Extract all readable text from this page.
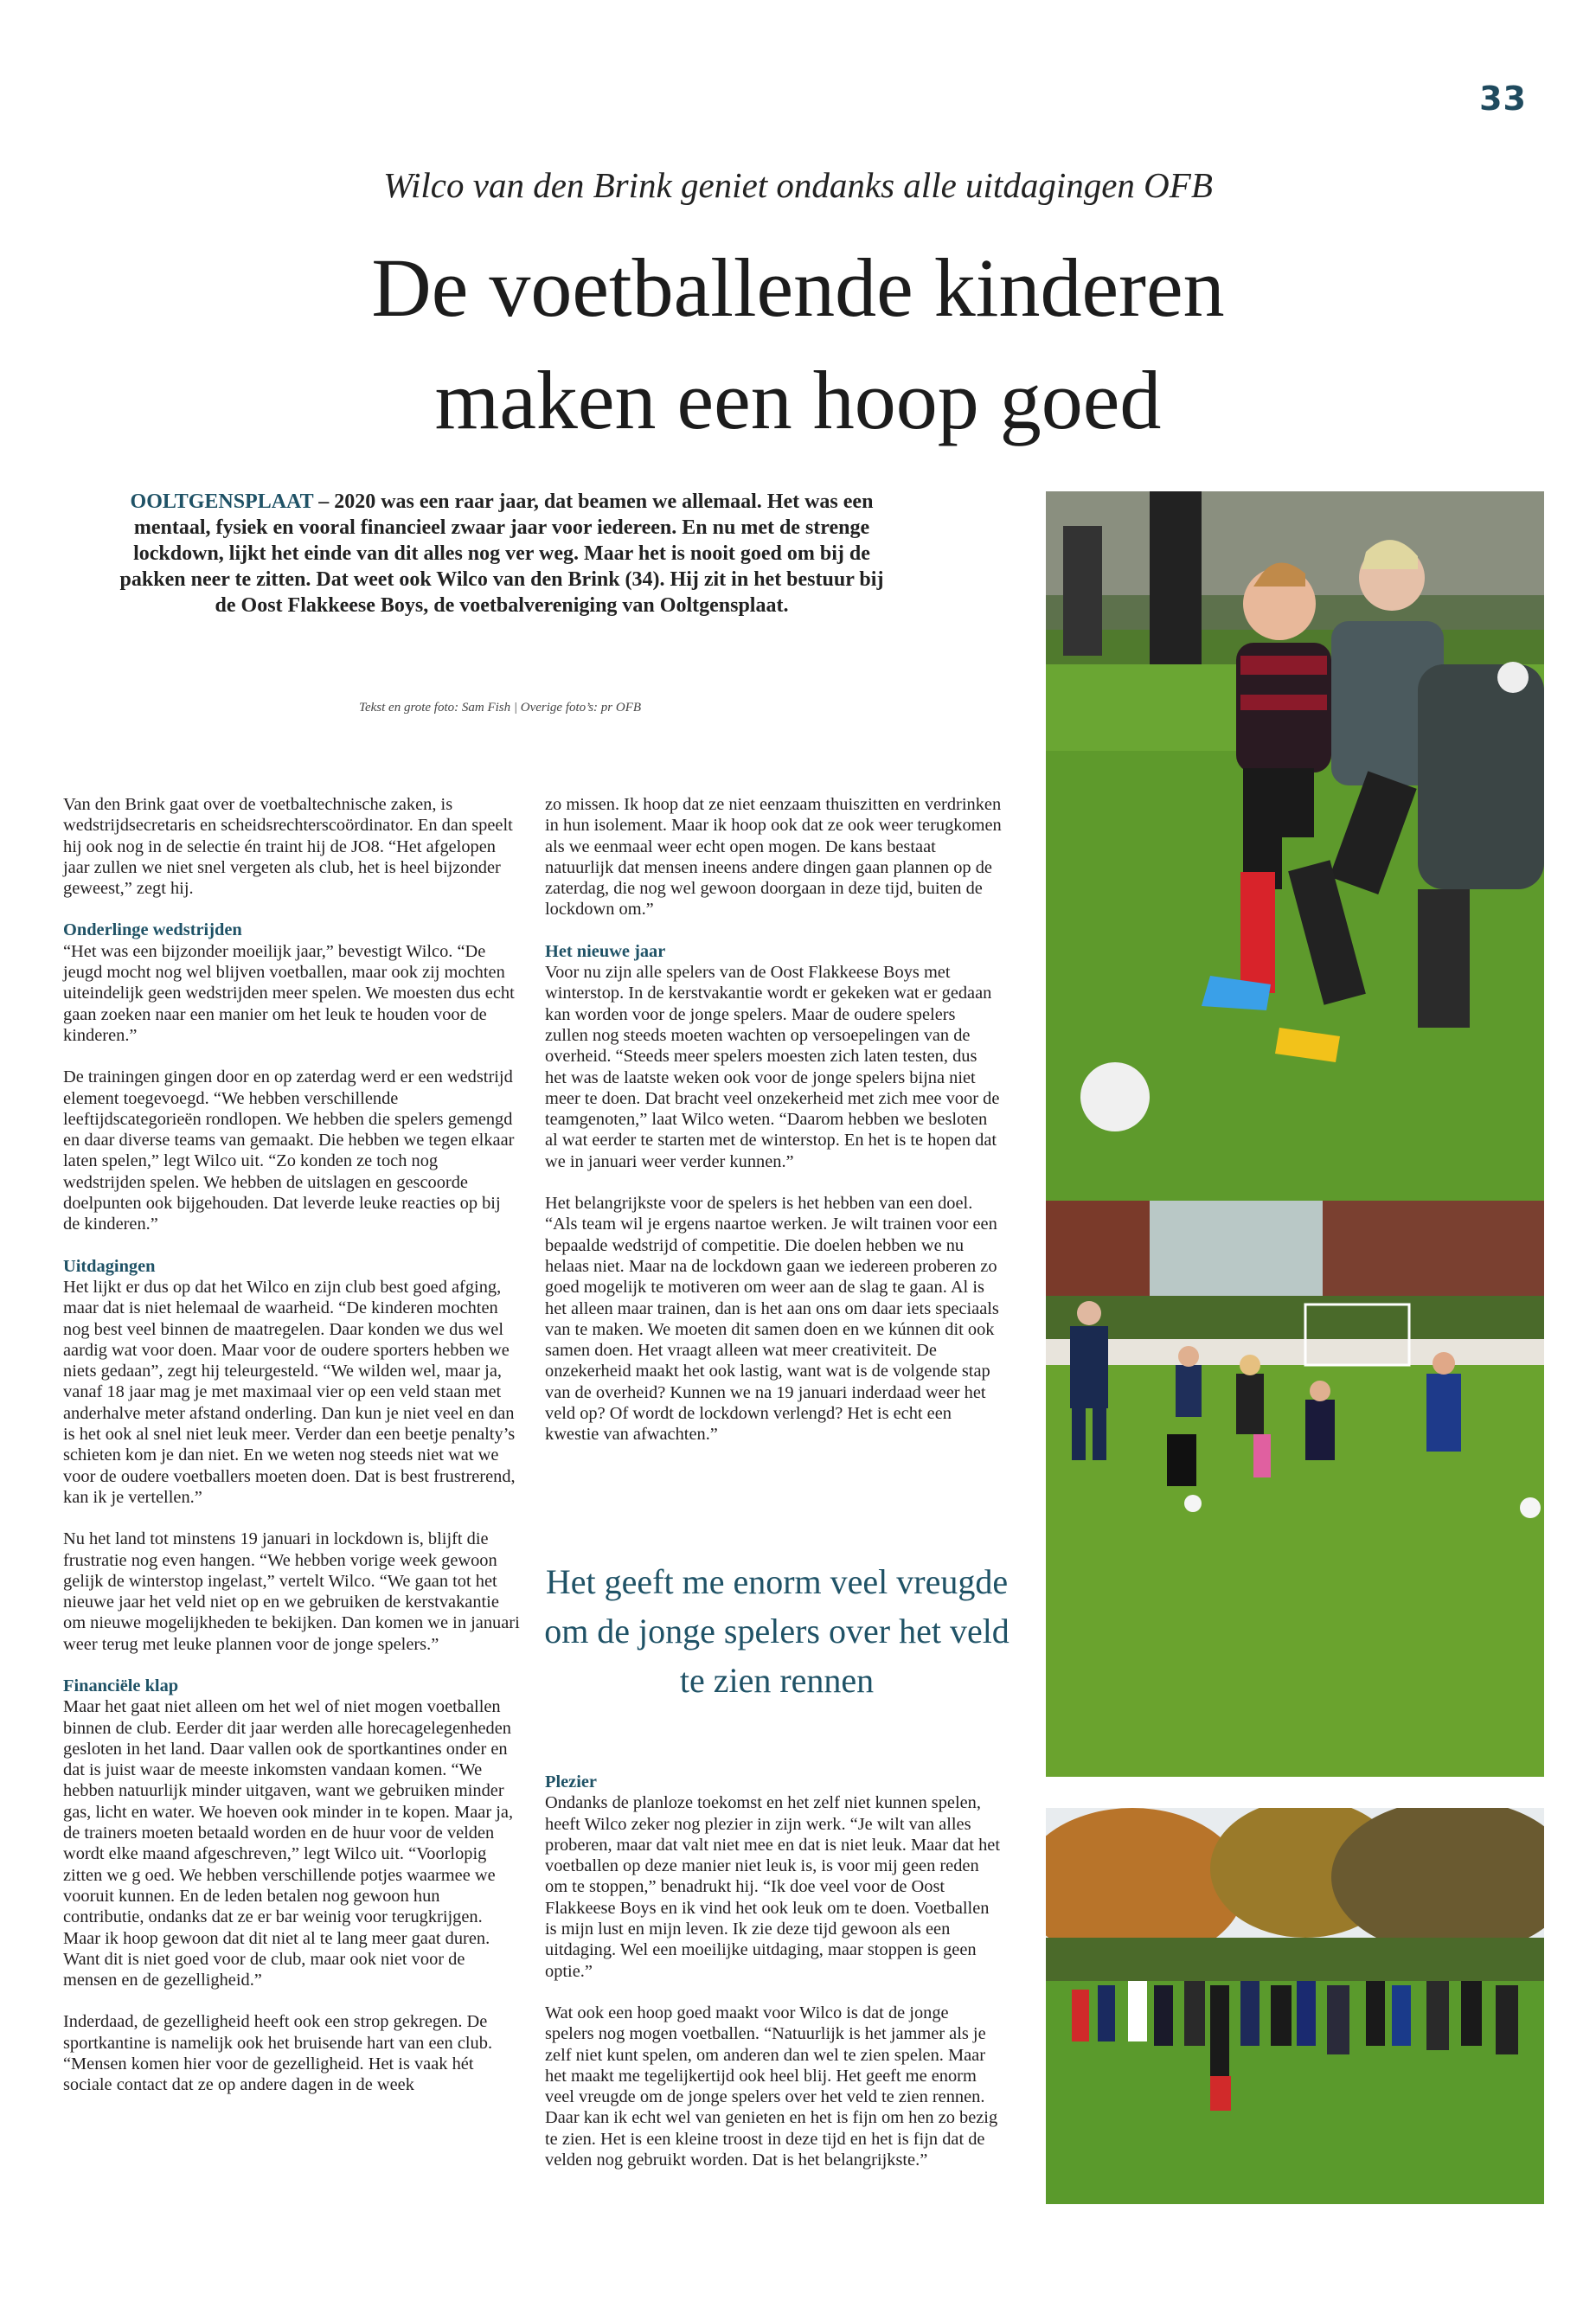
33
Wilco van den Brink geniet ondanks alle uitdagingen OFB
De voetballende kinderen
maken een hoop goed
OOLTGENSPLAAT – 2020 was een raar jaar, dat beamen we allemaal. Het was een mentaal, fysiek en vooral financieel zwaar jaar voor iedereen. En nu met de strenge lockdown, lijkt het einde van dit alles nog ver weg. Maar het is nooit goed om bij de pakken neer te zitten. Dat weet ook Wilco van den Brink (34). Hij zit in het bestuur bij de Oost Flakkeese Boys, de voetbalvereniging van Ooltgensplaat.
Tekst en grote foto: Sam Fish | Overige foto’s: pr OFB

Van den Brink gaat over de voetbaltechnische zaken, is wedstrijdsecretaris en scheidsrechterscoördinator. En dan speelt hij ook nog in de selectie én traint hij de JO8. “Het afgelopen jaar zullen we niet snel vergeten als club, het is heel bijzonder geweest,” zegt hij.

Onderlinge wedstrijden

“Het was een bijzonder moeilijk jaar,” bevestigt Wilco. “De jeugd mocht nog wel blijven voetballen, maar ook zij mochten uiteindelijk geen wedstrijden meer spelen. We moesten dus echt gaan zoeken naar een manier om het leuk te houden voor de kinderen.”

De trainingen gingen door en op zaterdag werd er een wedstrijd element toegevoegd. “We hebben verschillende leeftijdscategorieën rondlopen. We hebben die spelers gemengd en daar diverse teams van gemaakt. Die hebben we tegen elkaar laten spelen,” legt Wilco uit. “Zo konden ze toch nog wedstrijden spelen. We hebben de uitslagen en gescoorde doelpunten ook bijgehouden. Dat leverde leuke reacties op bij de kinderen.”

Uitdagingen

Het lijkt er dus op dat het Wilco en zijn club best goed afging, maar dat is niet helemaal de waarheid. “De kinderen mochten nog best veel binnen de maatregelen. Daar konden we dus wel aardig wat voor doen. Maar voor de oudere sporters hebben we niets gedaan”, zegt hij teleurgesteld. “We wilden wel, maar ja, vanaf 18 jaar mag je met maximaal vier op een veld staan met anderhalve meter afstand onderling. Dan kun je niet veel en dan is het ook al snel niet leuk meer. Verder dan een beetje penalty’s schieten kom je dan niet. En we weten nog steeds niet wat we voor de oudere voetballers moeten doen. Dat is best frustrerend, kan ik je vertellen.”

Nu het land tot minstens 19 januari in lockdown is, blijft die frustratie nog even hangen. “We hebben vorige week gewoon gelijk de winterstop ingelast,” vertelt Wilco. “We gaan tot het nieuwe jaar het veld niet op en we gebruiken de kerstvakantie om nieuwe mogelijkheden te bekijken. Dan komen we in januari weer terug met leuke plannen voor de jonge spelers.”

Financiële klap

Maar het gaat niet alleen om het wel of niet mogen voetballen binnen de club. Eerder dit jaar werden alle horecagelegenheden gesloten in het land. Daar vallen ook de sportkantines onder en dat is juist waar de meeste inkomsten vandaan komen. “We hebben natuurlijk minder uitgaven, want we gebruiken minder gas, licht en water. We hoeven ook minder in te kopen. Maar ja, de trainers moeten betaald worden en de huur voor de velden wordt elke maand afgeschreven,” legt Wilco uit. “Voorlopig zitten we g oed. We hebben verschillende potjes waarmee we vooruit kunnen. En de leden betalen nog gewoon hun contributie, ondanks dat ze er bar weinig voor terugkrijgen. Maar ik hoop gewoon dat dit niet al te lang meer gaat duren. Want dit is niet goed voor de club, maar ook niet voor de mensen en de gezelligheid.”

Inderdaad, de gezelligheid heeft ook een strop gekregen. De sportkantine is namelijk ook het bruisende hart van een club. “Mensen komen hier voor de gezelligheid. Het is vaak hét sociale contact dat ze op andere dagen in de week

zo missen. Ik hoop dat ze niet eenzaam thuiszitten en verdrinken in hun isolement. Maar ik hoop ook dat ze ook weer terugkomen als we eenmaal weer echt open mogen. De kans bestaat natuurlijk dat mensen ineens andere dingen gaan plannen op de zaterdag, die nog wel gewoon doorgaan in deze tijd, buiten de lockdown om.”

Het nieuwe jaar

Voor nu zijn alle spelers van de Oost Flakkeese Boys met winterstop. In de kerstvakantie wordt er gekeken wat er gedaan kan worden voor de jonge spelers. Maar de oudere spelers zullen nog steeds moeten wachten op versoepelingen van de overheid. “Steeds meer spelers moesten zich laten testen, dus het was de laatste weken ook voor de jonge spelers bijna niet meer te doen. Dat bracht veel onzekerheid met zich mee voor de teamgenoten,” laat Wilco weten. “Daarom hebben we besloten al wat eerder te starten met de winterstop. En het is te hopen dat we in januari weer verder kunnen.”

Het belangrijkste voor de spelers is het hebben van een doel. “Als team wil je ergens naartoe werken. Je wilt trainen voor een bepaalde wedstrijd of competitie. Die doelen hebben we nu helaas niet. Maar na de lockdown gaan we iedereen proberen zo goed mogelijk te motiveren om weer aan de slag te gaan. Al is het alleen maar trainen, dan is het aan ons om daar iets speciaals van te maken. We moeten dit samen doen en we kúnnen dit ook samen doen. Het vraagt alleen wat meer creativiteit. De onzekerheid maakt het ook lastig, want wat is de volgende stap van de overheid? Kunnen we na 19 januari inderdaad weer het veld op? Of wordt de lockdown verlengd? Het is echt een kwestie van afwachten.”

Het geeft me enorm veel vreugde om de jonge spelers over het veld te zien rennen
Plezier

Ondanks de planloze toekomst en het zelf niet kunnen spelen, heeft Wilco zeker nog plezier in zijn werk. “Je wilt van alles proberen, maar dat valt niet mee en dat is niet leuk. Maar dat het voetballen op deze manier niet leuk is, is voor mij geen reden om te stoppen,” benadrukt hij. “Ik doe veel voor de Oost Flakkeese Boys en ik vind het ook leuk om te doen. Voetballen is mijn lust en mijn leven. Ik zie deze tijd gewoon als een uitdaging. Wel een moeilijke uitdaging, maar stoppen is geen optie.”

Wat ook een hoop goed maakt voor Wilco is dat de jonge spelers nog mogen voetballen. “Natuurlijk is het jammer als je zelf niet kunt spelen, om anderen dan wel te zien spelen. Maar het maakt me tegelijkertijd ook heel blij. Het geeft me enorm veel vreugde om de jonge spelers over het veld te zien rennen. Daar kan ik echt wel van genieten en het is fijn om hen zo bezig te zien. Het is een kleine troost in deze tijd en het is fijn dat de velden nog gebruikt worden. Dat is het belangrijkste.”
